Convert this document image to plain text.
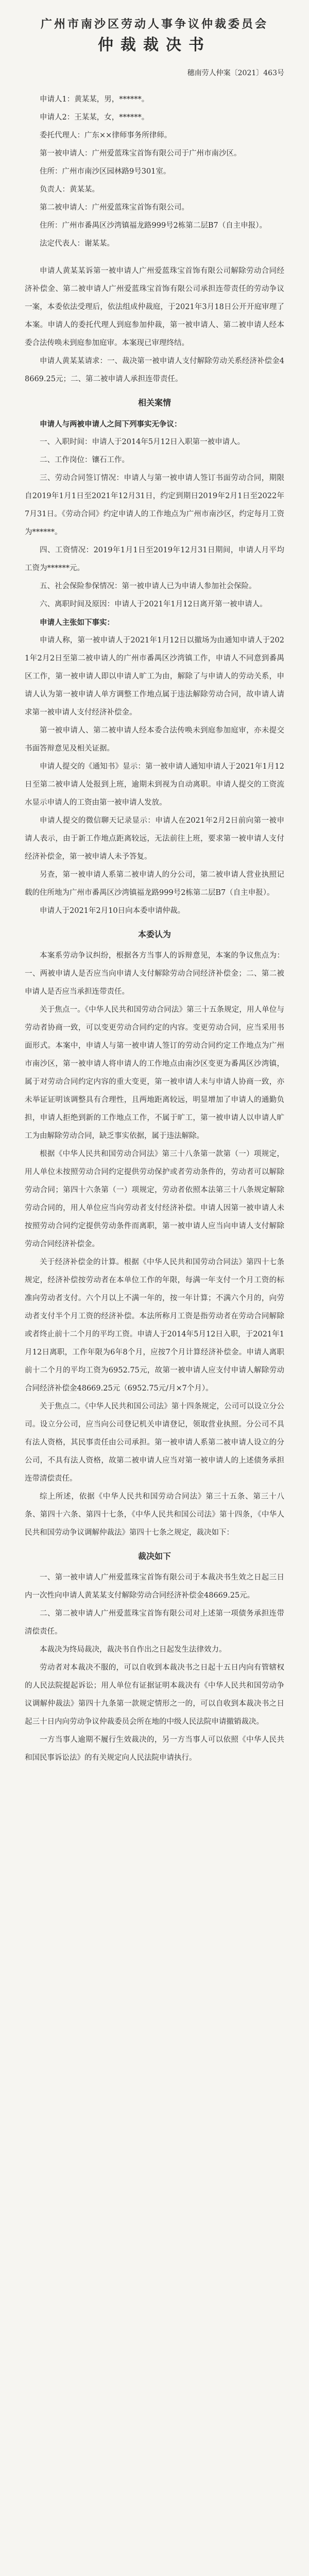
广州市南沙区劳动人事争议仲裁委员会
仲裁裁决书
穗南劳人仲案〔2021〕463号

申请人1：黄某某，男，******。

申请人2：王某某，女，******。

委托代理人：广东××律师事务所律师。

第一被申请人：广州爱蓝珠宝首饰有限公司于广州市南沙区。

住所：广州市南沙区园林路9号301室。

负责人：黄某某。

第二被申请人：广州爱蓝珠宝首饰有限公司。

住所：广州市番禺区沙湾镇福龙路999号2栋第二层B7（自主申报）。

法定代表人：谢某某。

申请人黄某某诉第一被申请人广州爱蓝珠宝首饰有限公司解除劳动合同经济补偿金、第二被申请人广州爱蓝珠宝首饰有限公司承担连带责任的劳动争议一案，本委依法受理后，依法组成仲裁庭，于2021年3月18日公开开庭审理了本案。申请人的委托代理人到庭参加仲裁，第一被申请人、第二被申请人经本委合法传唤未到庭参加庭审。本案现已审理终结。

申请人黄某某请求：一、裁决第一被申请人支付解除劳动关系经济补偿金48669.25元；二、第二被申请人承担连带责任。

相关案情
申请人与两被申请人之间下列事实无争议：

一、入职时间：申请人于2014年5月12日入职第一被申请人。

二、工作岗位：镶石工作。

三、劳动合同签订情况：申请人与第一被申请人签订书面劳动合同，期限自2019年1月1日至2021年12月31日，约定到期日2019年2月1日至2022年7月31日。《劳动合同》约定申请人的工作地点为广州市南沙区，约定每月工资为******。

四、工资情况：2019年1月1日至2019年12月31日期间，申请人月平均工资为******元。

五、社会保险参保情况：第一被申请人已为申请人参加社会保险。

六、离职时间及原因：申请人于2021年1月12日离开第一被申请人。

申请人主张如下事实：

申请人称，第一被申请人于2021年1月12日以撤场为由通知申请人于2021年2月2日至第二被申请人的广州市番禺区沙湾镇工作，申请人不同意到番禺区工作，第一被申请人即以申请人旷工为由，解除了与申请人的劳动关系，申请人认为第一被申请人单方调整工作地点属于违法解除劳动合同，故申请人请求第一被申请人支付经济补偿金。

第一被申请人、第二被申请人经本委合法传唤未到庭参加庭审，亦未提交书面答辩意见及相关证据。

申请人提交的《通知书》显示：第一被申请人通知申请人于2021年1月12日至第二被申请人处报到上班，逾期未到视为自动离职。申请人提交的工资流水显示申请人的工资由第一被申请人发放。

申请人提交的微信聊天记录显示：申请人在2021年2月2日前向第一被申请人表示，由于新工作地点距离较远，无法前往上班，要求第一被申请人支付经济补偿金，第一被申请人未予答复。

另查，第一被申请人系第二被申请人的分公司，第二被申请人营业执照记载的住所地为广州市番禺区沙湾镇福龙路999号2栋第二层B7（自主申报）。

申请人于2021年2月10日向本委申请仲裁。

本委认为

本案系劳动争议纠纷，根据各方当事人的诉辩意见，本案的争议焦点为：一、两被申请人是否应当向申请人支付解除劳动合同经济补偿金；二、第二被申请人是否应当承担连带责任。

关于焦点一。《中华人民共和国劳动合同法》第三十五条规定，用人单位与劳动者协商一致，可以变更劳动合同约定的内容。变更劳动合同，应当采用书面形式。本案中，申请人与第一被申请人签订的劳动合同约定工作地点为广州市南沙区，第一被申请人将申请人的工作地点由南沙区变更为番禺区沙湾镇，属于对劳动合同约定内容的重大变更，第一被申请人未与申请人协商一致，亦未举证证明该调整具有合理性，且两地距离较远，明显增加了申请人的通勤负担，申请人拒绝到新的工作地点工作，不属于旷工，第一被申请人以申请人旷工为由解除劳动合同，缺乏事实依据，属于违法解除。

根据《中华人民共和国劳动合同法》第三十八条第一款第（一）项规定，用人单位未按照劳动合同约定提供劳动保护或者劳动条件的，劳动者可以解除劳动合同；第四十六条第（一）项规定，劳动者依照本法第三十八条规定解除劳动合同的，用人单位应当向劳动者支付经济补偿。申请人因第一被申请人未按照劳动合同约定提供劳动条件而离职，第一被申请人应当向申请人支付解除劳动合同经济补偿金。

关于经济补偿金的计算。根据《中华人民共和国劳动合同法》第四十七条规定，经济补偿按劳动者在本单位工作的年限，每满一年支付一个月工资的标准向劳动者支付。六个月以上不满一年的，按一年计算；不满六个月的，向劳动者支付半个月工资的经济补偿。本法所称月工资是指劳动者在劳动合同解除或者终止前十二个月的平均工资。申请人于2014年5月12日入职，于2021年1月12日离职，工作年限为6年8个月，应按7个月计算经济补偿金。申请人离职前十二个月的平均工资为6952.75元，故第一被申请人应支付申请人解除劳动合同经济补偿金48669.25元（6952.75元/月×7个月）。

关于焦点二。《中华人民共和国公司法》第十四条规定，公司可以设立分公司。设立分公司，应当向公司登记机关申请登记，领取营业执照。分公司不具有法人资格，其民事责任由公司承担。第一被申请人系第二被申请人设立的分公司，不具有法人资格，故第二被申请人应当对第一被申请人的上述债务承担连带清偿责任。

综上所述，依据《中华人民共和国劳动合同法》第三十五条、第三十八条、第四十六条、第四十七条，《中华人民共和国公司法》第十四条，《中华人民共和国劳动争议调解仲裁法》第四十七条之规定，裁决如下：

裁决如下

一、第一被申请人广州爱蓝珠宝首饰有限公司于本裁决书生效之日起三日内一次性向申请人黄某某支付解除劳动合同经济补偿金48669.25元。

二、第二被申请人广州爱蓝珠宝首饰有限公司对上述第一项债务承担连带清偿责任。

本裁决为终局裁决，裁决书自作出之日起发生法律效力。

劳动者对本裁决不服的，可以自收到本裁决书之日起十五日内向有管辖权的人民法院提起诉讼；用人单位有证据证明本裁决有《中华人民共和国劳动争议调解仲裁法》第四十九条第一款规定情形之一的，可以自收到本裁决书之日起三十日内向劳动争议仲裁委员会所在地的中级人民法院申请撤销裁决。

一方当事人逾期不履行生效裁决的，另一方当事人可以依照《中华人民共和国民事诉讼法》的有关规定向人民法院申请执行。
